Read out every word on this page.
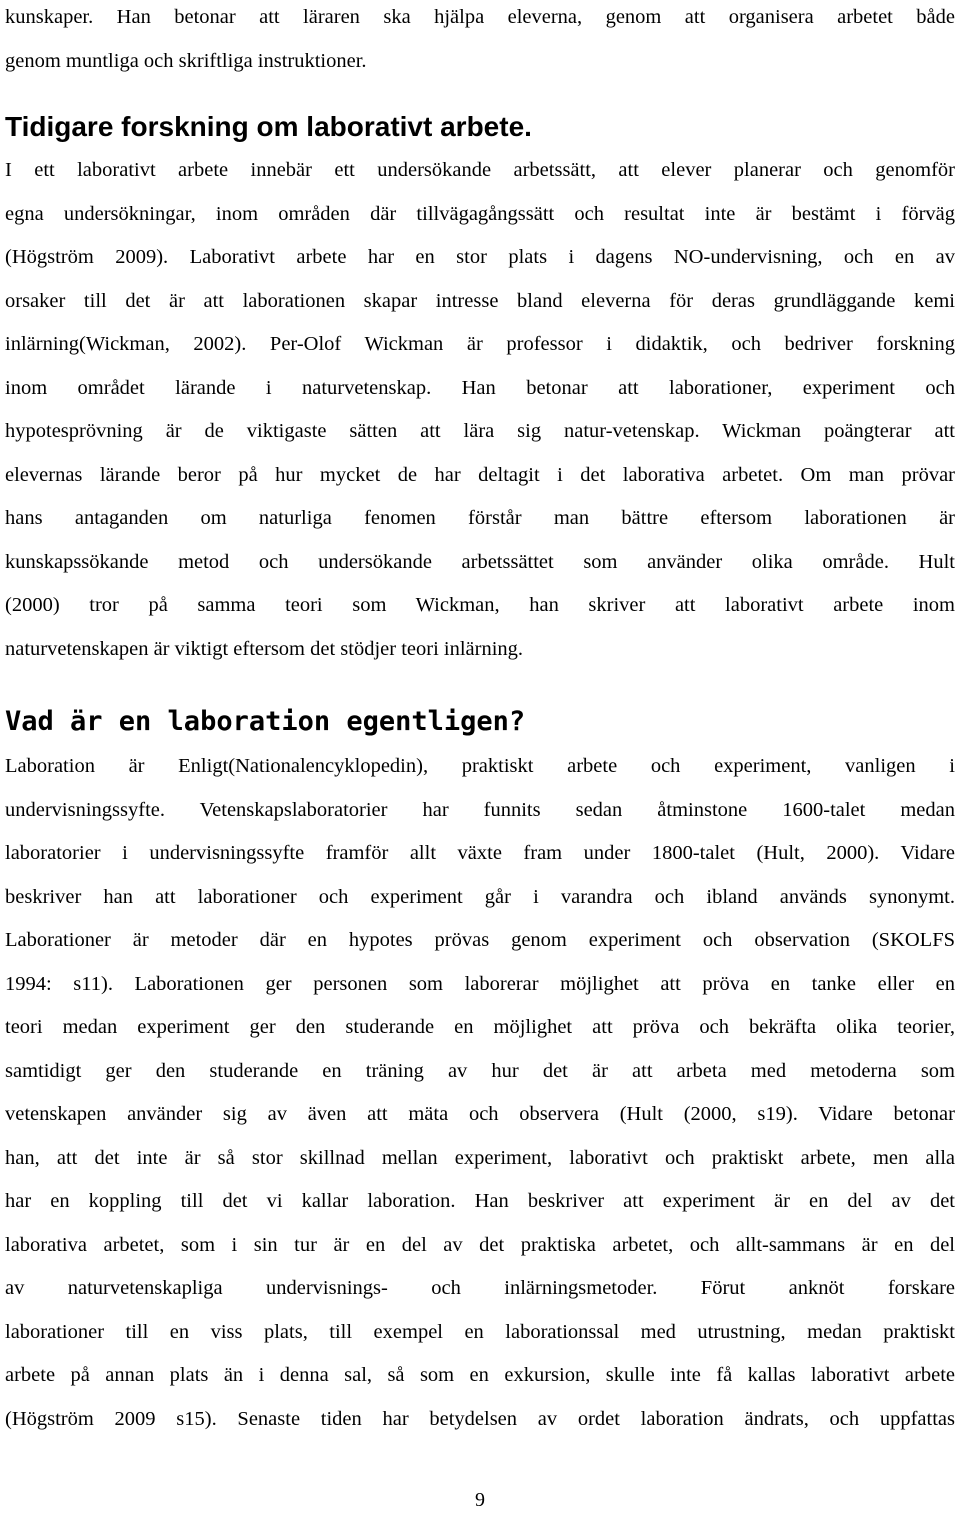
kunskaper. Han betonar att läraren ska hjälpa eleverna, genom att organisera arbetet både
genom muntliga och skriftliga instruktioner.
Tidigare forskning om laborativt arbete.
I ett laborativt arbete innebär ett undersökande arbetssätt, att elever planerar och genomför
egna undersökningar, inom områden där tillvägagångssätt och resultat inte är bestämt i förväg
(Högström 2009). Laborativt arbete har en stor plats i dagens NO-undervisning, och en av
orsaker till det är att laborationen skapar intresse bland eleverna för deras grundläggande kemi
inlärning(Wickman, 2002). Per-Olof Wickman är professor i didaktik, och bedriver forskning
inom området lärande i naturvetenskap. Han betonar att laborationer, experiment och
hypotesprövning är de viktigaste sätten att lära sig natur-vetenskap. Wickman poängterar att
elevernas lärande beror på hur mycket de har deltagit i det laborativa arbetet. Om man prövar
hans antaganden om naturliga fenomen förstår man bättre eftersom laborationen är
kunskapssökande metod och undersökande arbetssättet som använder olika område. Hult
(2000) tror på samma teori som Wickman, han skriver att laborativt arbete inom
naturvetenskapen är viktigt eftersom det stödjer teori inlärning.
Vad är en laboration egentligen?
Laboration är Enligt(Nationalencyklopedin), praktiskt arbete och experiment, vanligen i
undervisningssyfte. Vetenskapslaboratorier har funnits sedan åtminstone 1600-talet medan
laboratorier i undervisningssyfte framför allt växte fram under 1800-talet (Hult, 2000). Vidare
beskriver han att laborationer och experiment går i varandra och ibland används synonymt.
Laborationer är metoder där en hypotes prövas genom experiment och observation (SKOLFS
1994: s11). Laborationen ger personen som laborerar möjlighet att pröva en tanke eller en
teori medan experiment ger den studerande en möjlighet att pröva och bekräfta olika teorier,
samtidigt ger den studerande en träning av hur det är att arbeta med metoderna som
vetenskapen använder sig av även att mäta och observera (Hult (2000, s19). Vidare betonar
han, att det inte är så stor skillnad mellan experiment, laborativt och praktiskt arbete, men alla
har en koppling till det vi kallar laboration. Han beskriver att experiment är en del av det
laborativa arbetet, som i sin tur är en del av det praktiska arbetet, och allt-sammans är en del
av naturvetenskapliga undervisnings- och inlärningsmetoder. Förut anknöt forskare
laborationer till en viss plats, till exempel en laborationssal med utrustning, medan praktiskt
arbete på annan plats än i denna sal, så som en exkursion, skulle inte få kallas laborativt arbete
(Högström 2009 s15). Senaste tiden har betydelsen av ordet laboration ändrats, och uppfattas
9
